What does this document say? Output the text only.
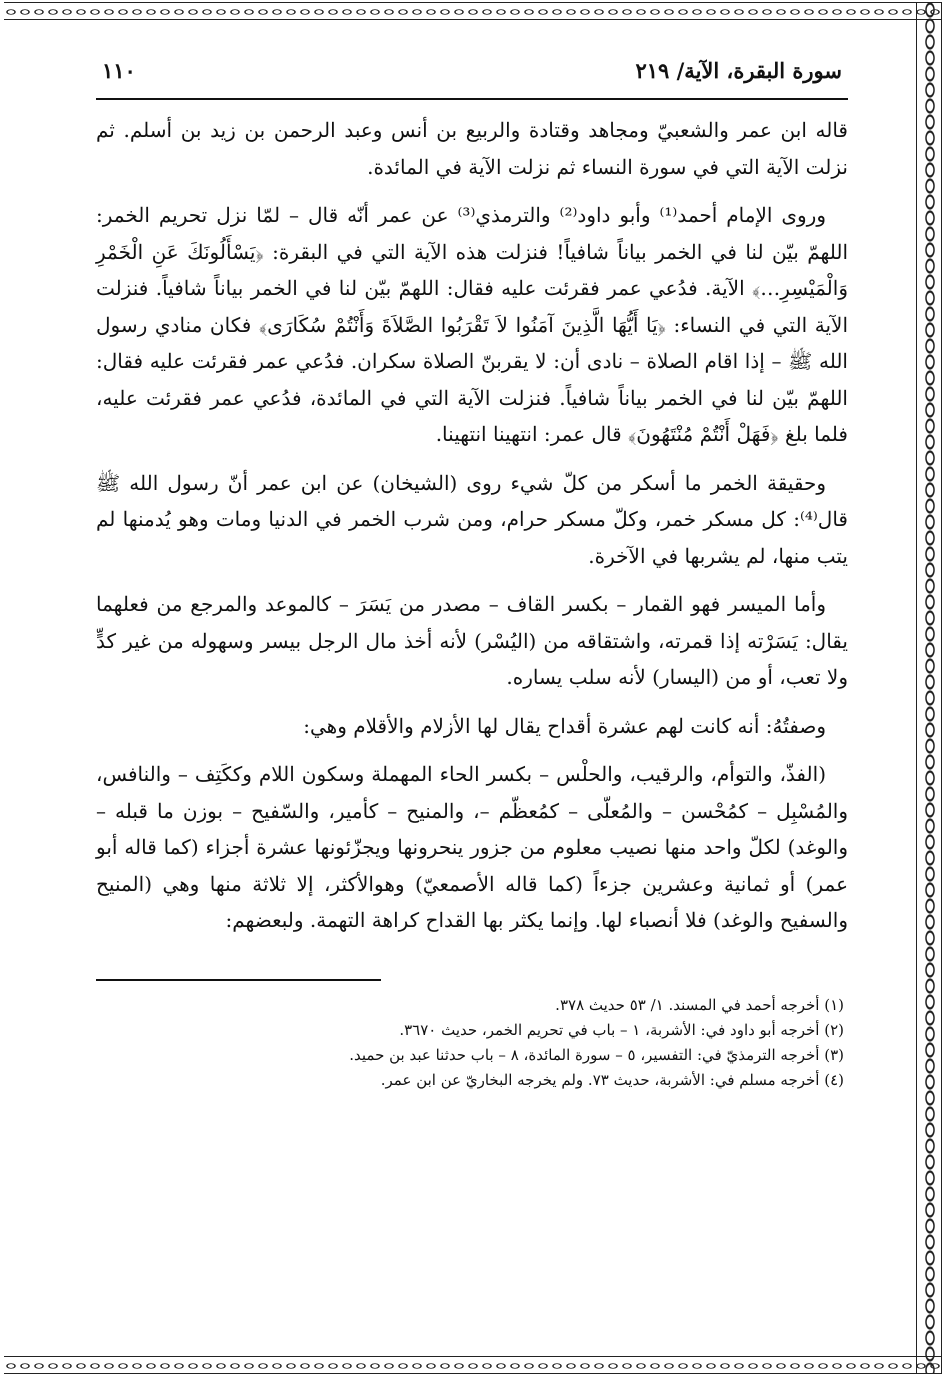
سورة البقرة، الآية/ ٢١٩
١١٠

قاله ابن عمر والشعبيّ ومجاهد وقتادة والربيع بن أنس وعبد الرحمن بن زيد بن أسلم. ثم نزلت الآية التي في سورة النساء ثم نزلت الآية في المائدة.

وروى الإمام أحمد⁽¹⁾ وأبو داود⁽²⁾ والترمذي⁽³⁾ عن عمر أنّه قال – لمّا نزل تحريم الخمر: اللهمّ بيّن لنا في الخمر بياناً شافياً! فنزلت هذه الآية التي في البقرة: ﴿يَسْأَلُونَكَ عَنِ الْخَمْرِ وَالْمَيْسِرِ…﴾ الآية. فدُعي عمر فقرئت عليه فقال: اللهمّ بيّن لنا في الخمر بياناً شافياً. فنزلت الآية التي في النساء: ﴿يَا أَيُّهَا الَّذِينَ آمَنُوا لاَ تَقْرَبُوا الصَّلاَةَ وَأَنْتُمْ سُكَارَى﴾ فكان منادي رسول الله ﷺ – إذا اقام الصلاة – نادى أن: لا يقربنّ الصلاة سكران. فدُعي عمر فقرئت عليه فقال: اللهمّ بيّن لنا في الخمر بياناً شافياً. فنزلت الآية التي في المائدة، فدُعي عمر فقرئت عليه، فلما بلغ ﴿فَهَلْ أَنْتُمْ مُنْتَهُونَ﴾ قال عمر: انتهينا انتهينا.

وحقيقة الخمر ما أسكر من كلّ شيء روى (الشيخان) عن ابن عمر أنّ رسول الله ﷺ قال⁽⁴⁾: كل مسكر خمر، وكلّ مسكر حرام، ومن شرب الخمر في الدنيا ومات وهو يُدمنها لم يتب منها، لم يشربها في الآخرة.

وأما الميسر فهو القمار – بكسر القاف – مصدر من يَسَرَ – كالموعد والمرجع من فعلهما يقال: يَسَرْته إذا قمرته، واشتقاقه من (اليُسْر) لأنه أخذ مال الرجل بيسر وسهوله من غير كدٍّ ولا تعب، أو من (اليسار) لأنه سلب يساره.

وصفتُهُ: أنه كانت لهم عشرة أقداح يقال لها الأزلام والأقلام وهي:

(الفذّ، والتوأم، والرقيب، والحلْس – بكسر الحاء المهملة وسكون اللام وككَتِف – والنافس، والمُسْبِل – كمُحْسن – والمُعلّى – كمُعظّم –، والمنيح – كأمير، والسّفيح – بوزن ما قبله – والوغد) لكلّ واحد منها نصيب معلوم من جزور ينحرونها ويجزّئونها عشرة أجزاء (كما قاله أبو عمر) أو ثمانية وعشرين جزءاً (كما قاله الأصمعيّ) وهوالأكثر، إلا ثلاثة منها وهي (المنيح والسفيح والوغد) فلا أنصباء لها. وإنما يكثر بها القداح كراهة التهمة. ولبعضهم:

(١) أخرجه أحمد في المسند. ١/ ٥٣ حديث ٣٧٨.
(٢) أخرجه أبو داود في: الأشربة، ١ – باب في تحريم الخمر، حديث ٣٦٧٠.
(٣) أخرجه الترمذيّ في: التفسير، ٥ – سورة المائدة، ٨ – باب حدثنا عبد بن حميد.
(٤) أخرجه مسلم في: الأشربة، حديث ٧٣. ولم يخرجه البخاريّ عن ابن عمر.
